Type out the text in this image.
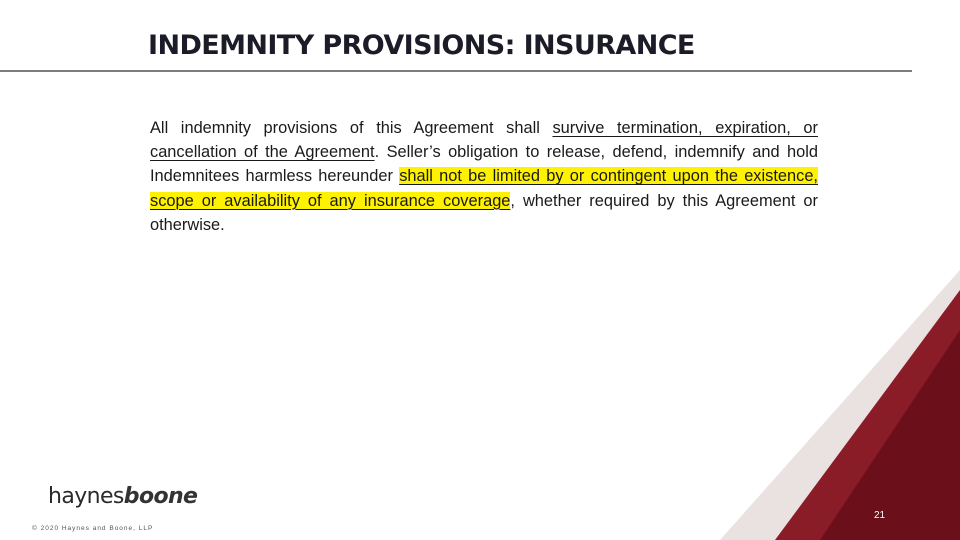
INDEMNITY PROVISIONS: INSURANCE

All indemnity provisions of this Agreement shall survive termination, expiration, or cancellation of the Agreement. Seller’s obligation to release, defend, indemnify and hold Indemnitees harmless hereunder shall not be limited by or contingent upon the existence, scope or availability of any insurance coverage, whether required by this Agreement or otherwise.

haynesboone
© 2020 Haynes and Boone, LLP
21
